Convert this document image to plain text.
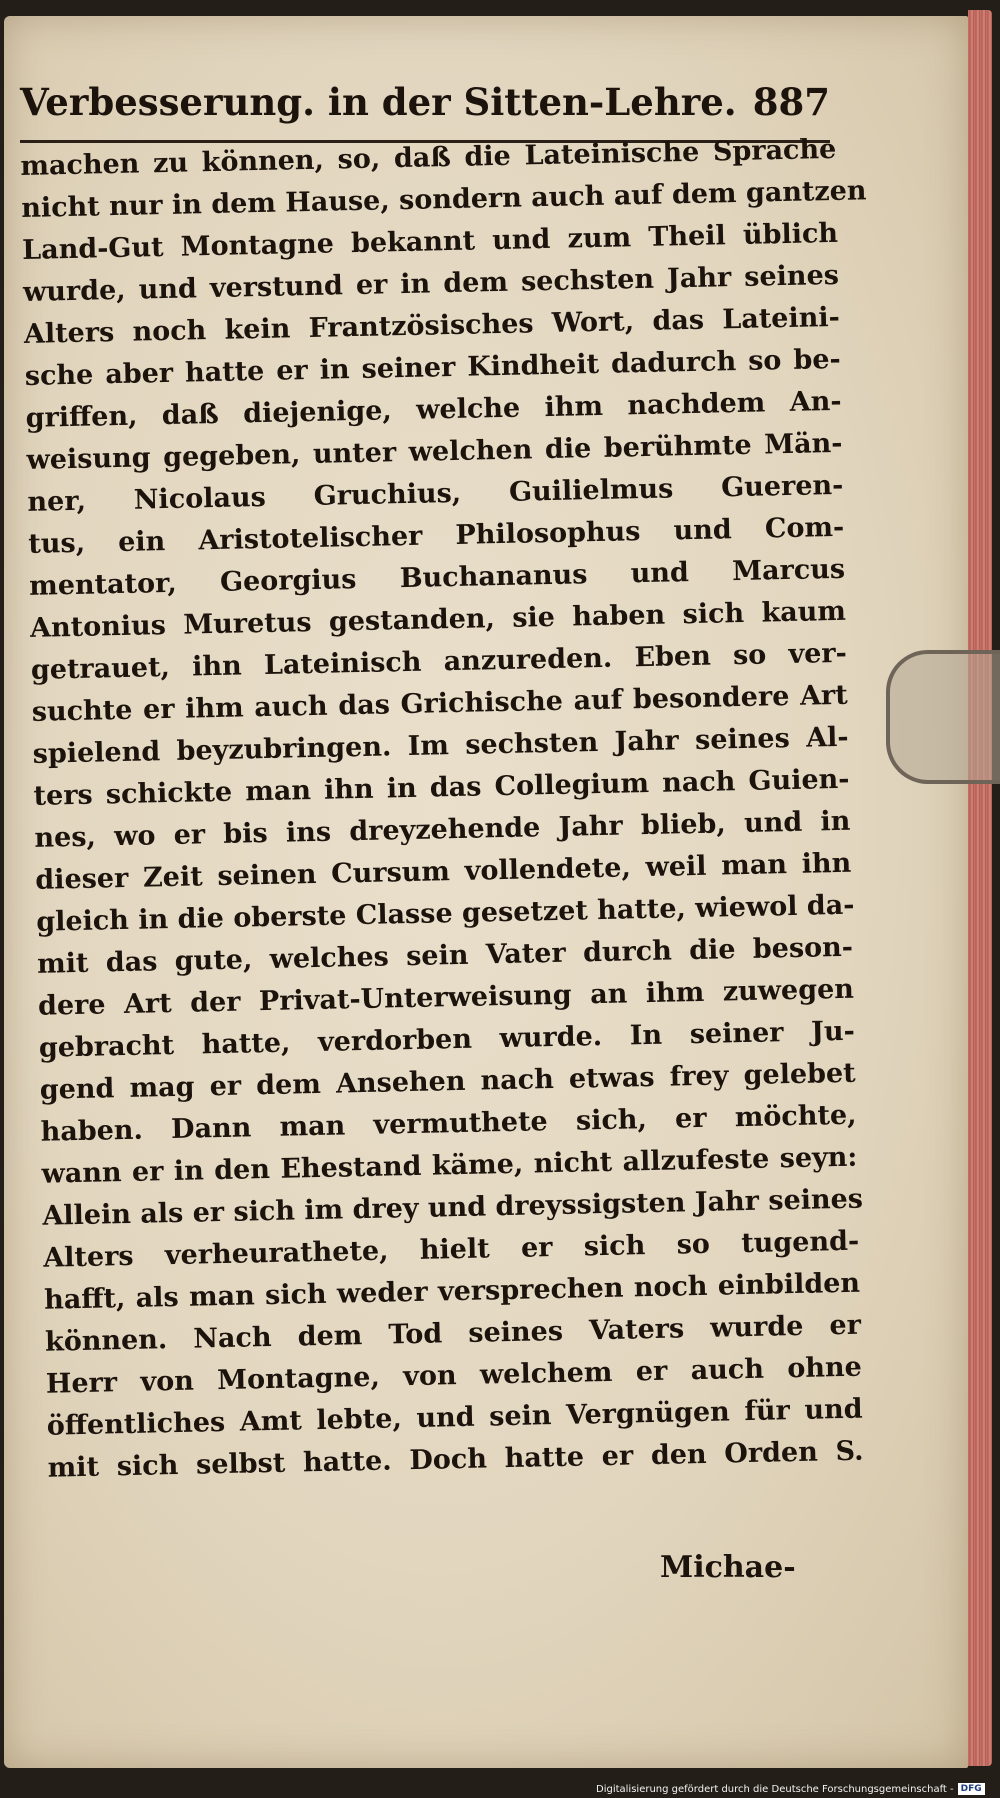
Verbesserung. in der Sitten-Lehre. 887
machen zu können, so, daß die Lateinische Sprache
nicht nur in dem Hause, sondern auch auf dem gantzen
Land-Gut Montagne bekannt und zum Theil üblich
wurde, und verstund er in dem sechsten Jahr seines
Alters noch kein Frantzösisches Wort, das Lateini-
sche aber hatte er in seiner Kindheit dadurch so be-
griffen, daß diejenige, welche ihm nachdem An-
weisung gegeben, unter welchen die berühmte Män-
ner, Nicolaus Gruchius, Guilielmus Gueren-
tus, ein Aristotelischer Philosophus und Com-
mentator, Georgius Buchananus und Marcus
Antonius Muretus gestanden, sie haben sich kaum
getrauet, ihn Lateinisch anzureden. Eben so ver-
suchte er ihm auch das Grichische auf besondere Art
spielend beyzubringen. Im sechsten Jahr seines Al-
ters schickte man ihn in das Collegium nach Guien-
nes, wo er bis ins dreyzehende Jahr blieb, und in
dieser Zeit seinen Cursum vollendete, weil man ihn
gleich in die oberste Classe gesetzet hatte, wiewol da-
mit das gute, welches sein Vater durch die beson-
dere Art der Privat-Unterweisung an ihm zuwegen
gebracht hatte, verdorben wurde. In seiner Ju-
gend mag er dem Ansehen nach etwas frey gelebet
haben. Dann man vermuthete sich, er möchte,
wann er in den Ehestand käme, nicht allzufeste seyn:
Allein als er sich im drey und dreyssigsten Jahr seines
Alters verheurathete, hielt er sich so tugend-
hafft, als man sich weder versprechen noch einbilden
können. Nach dem Tod seines Vaters wurde er
Herr von Montagne, von welchem er auch ohne
öffentliches Amt lebte, und sein Vergnügen für und
mit sich selbst hatte. Doch hatte er den Orden S.
Michae-
Digitalisierung gefördert durch die Deutsche Forschungsgemeinschaft - DFG
